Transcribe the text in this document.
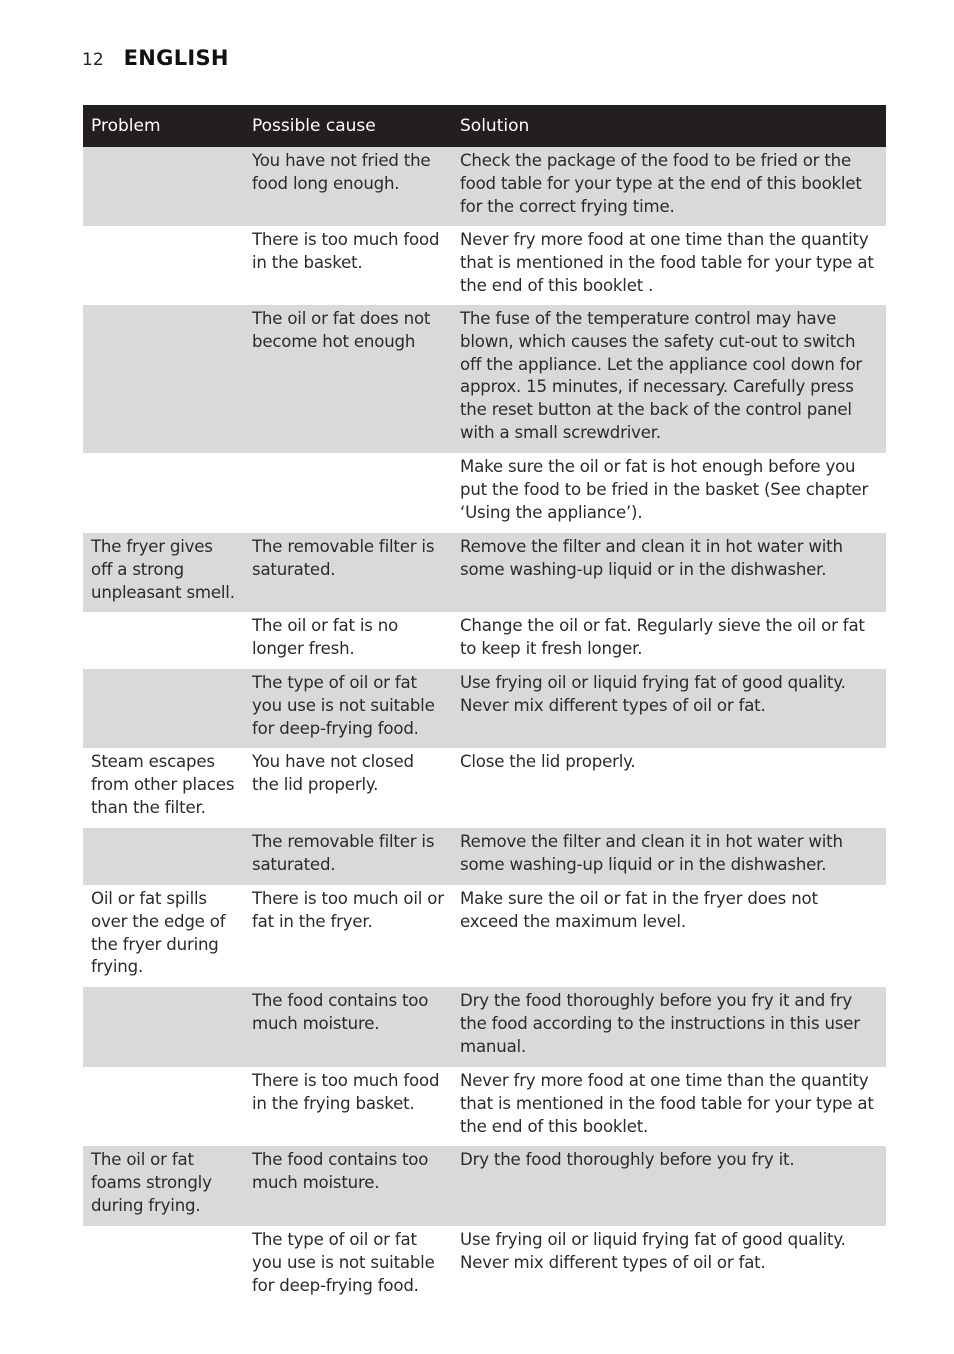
12 ENGLISH
Problem	Possible cause	Solution
	You have not fried the food long enough.	Check the package of the food to be fried or the food table for your type at the end of this booklet for the correct frying time.
	There is too much food in the basket.	Never fry more food at one time than the quantity that is mentioned in the food table for your type at the end of this booklet .
	The oil or fat does not become hot enough	The fuse of the temperature control may have blown, which causes the safety cut-out to switch off the appliance. Let the appliance cool down for approx. 15 minutes, if necessary. Carefully press the reset button at the back of the control panel with a small screwdriver.
		Make sure the oil or fat is hot enough before you put the food to be fried in the basket (See chapter ‘Using the appliance’).
The fryer gives off a strong unpleasant smell.	The removable filter is saturated.	Remove the filter and clean it in hot water with some washing-up liquid or in the dishwasher.
	The oil or fat is no longer fresh.	Change the oil or fat. Regularly sieve the oil or fat to keep it fresh longer.
	The type of oil or fat you use is not suitable for deep-frying food.	Use frying oil or liquid frying fat of good quality. Never mix different types of oil or fat.
Steam escapes from other places than the filter.	You have not closed the lid properly.	Close the lid properly.
	The removable filter is saturated.	Remove the filter and clean it in hot water with some washing-up liquid or in the dishwasher.
Oil or fat spills over the edge of the fryer during frying.	There is too much oil or fat in the fryer.	Make sure the oil or fat in the fryer does not exceed the maximum level.
	The food contains too much moisture.	Dry the food thoroughly before you fry it and fry the food according to the instructions in this user manual.
	There is too much food in the frying basket.	Never fry more food at one time than the quantity that is mentioned in the food table for your type at the end of this booklet.
The oil or fat foams strongly during frying.	The food contains too much moisture.	Dry the food thoroughly before you fry it.
	The type of oil or fat you use is not suitable for deep-frying food.	Use frying oil or liquid frying fat of good quality. Never mix different types of oil or fat.
